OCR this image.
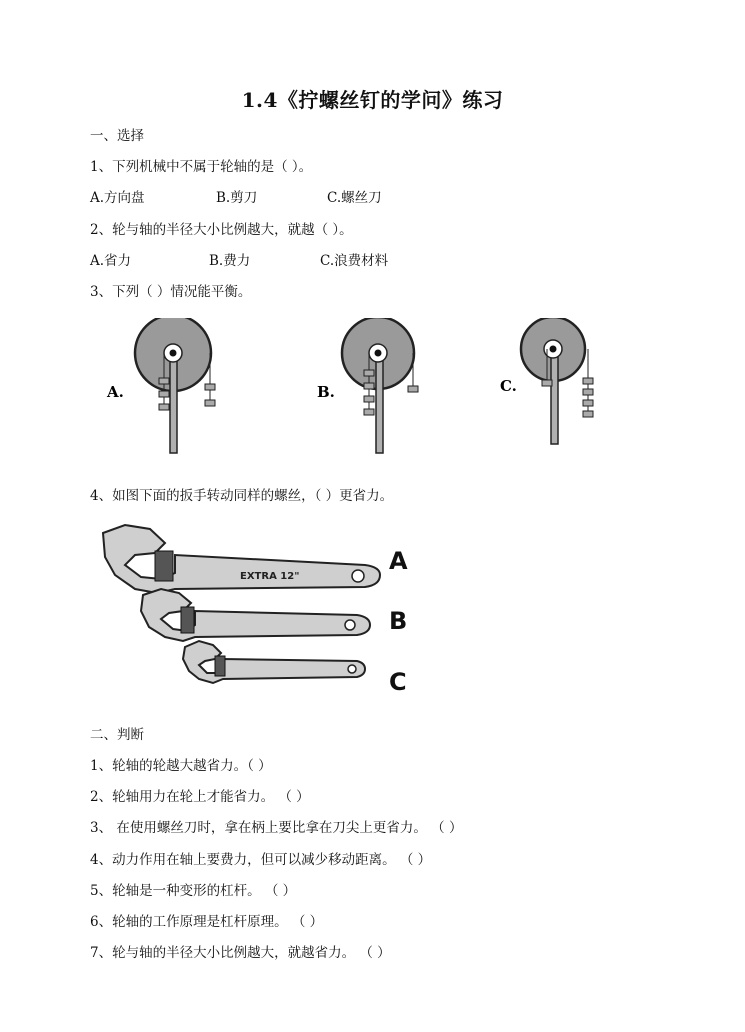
1.4《拧螺丝钉的学问》练习
一、选择
1、下列机械中不属于轮轴的是（ ）。
A.方向盘	B.剪刀	C.螺丝刀
2、轮与轴的半径大小比例越大，就越（ ）。
A.省力	B.费力	C.浪费材料
3、下列（ ）情况能平衡。
A.	B.	C.
4、如图下面的扳手转动同样的螺丝，（ ）更省力。
EXTRA 12"
A
B
C
二、判断
1、轮轴的轮越大越省力。（ ）
2、轮轴用力在轮上才能省力。 （ ）
3、 在使用螺丝刀时，拿在柄上要比拿在刀尖上更省力。 （ ）
4、动力作用在轴上要费力，但可以减少移动距离。 （ ）
5、轮轴是一种变形的杠杆。 （ ）
6、轮轴的工作原理是杠杆原理。 （ ）
7、轮与轴的半径大小比例越大，就越省力。 （ ）
